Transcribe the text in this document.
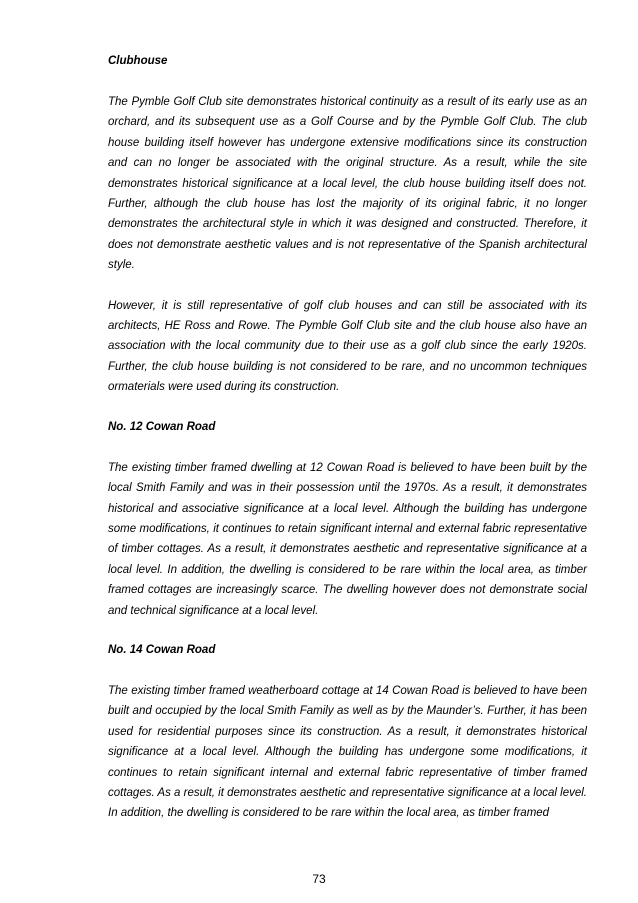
Clubhouse

The Pymble Golf Club site demonstrates historical continuity as a result of its early use as an orchard, and its subsequent use as a Golf Course and by the Pymble Golf Club. The club house building itself however has undergone extensive modifications since its construction and can no longer be associated with the original structure. As a result, while the site demonstrates historical significance at a local level, the club house building itself does not. Further, although the club house has lost the majority of its original fabric, it no longer demonstrates the architectural style in which it was designed and constructed. Therefore, it does not demonstrate aesthetic values and is not representative of the Spanish architectural style.

However, it is still representative of golf club houses and can still be associated with its architects, HE Ross and Rowe. The Pymble Golf Club site and the club house also have an association with the local community due to their use as a golf club since the early 1920s. Further, the club house building is not considered to be rare, and no uncommon techniques ormaterials were used during its construction.

No. 12 Cowan Road

The existing timber framed dwelling at 12 Cowan Road is believed to have been built by the local Smith Family and was in their possession until the 1970s. As a result, it demonstrates historical and associative significance at a local level. Although the building has undergone some modifications, it continues to retain significant internal and external fabric representative of timber cottages. As a result, it demonstrates aesthetic and representative significance at a local level. In addition, the dwelling is considered to be rare within the local area, as timber framed cottages are increasingly scarce. The dwelling however does not demonstrate social and technical significance at a local level.

No. 14 Cowan Road

The existing timber framed weatherboard cottage at 14 Cowan Road is believed to have been built and occupied by the local Smith Family as well as by the Maunder’s. Further, it has been used for residential purposes since its construction. As a result, it demonstrates historical significance at a local level. Although the building has undergone some modifications, it continues to retain significant internal and external fabric representative of timber framed cottages. As a result, it demonstrates aesthetic and representative significance at a local level. In addition, the dwelling is considered to be rare within the local area, as timber framed

73
